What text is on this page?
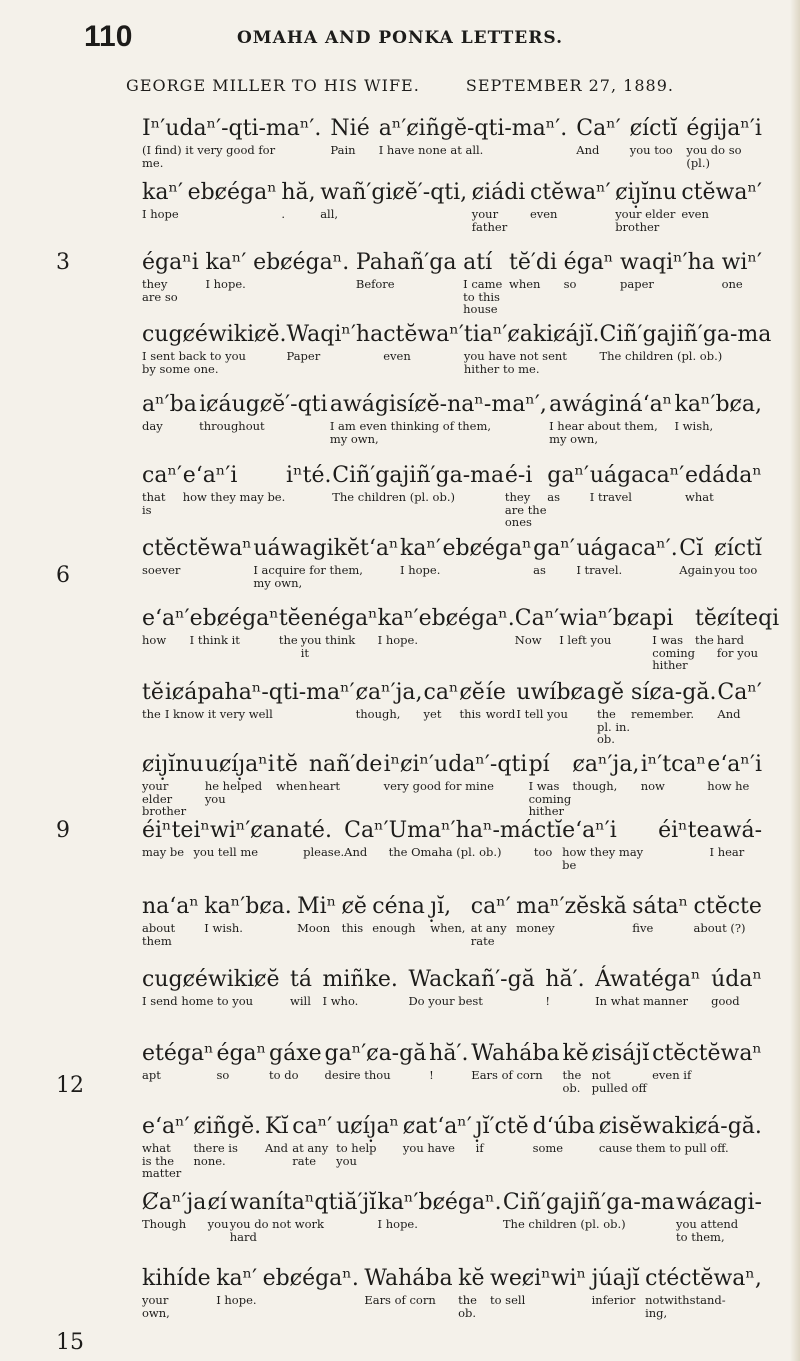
110	OMAHA AND PONKA LETTERS.
GEORGE MILLER TO HIS WIFE.	SEPTEMBER 27, 1889.
3
6
9
12
15
Iⁿ′udaⁿ′-qti-maⁿ′.
(I find) it very good for
me.
Nié
Pain
aⁿ′ȼiñgĕ-qti-maⁿ′.
I have none at all.
Caⁿ′
And
ȼíctĭ
you too
égijaⁿ′i
you do so
(pl.)
kaⁿ′
I hope
ebȼégaⁿ hă,
.
wañ′giȼĕ′-qti,
all,
ȼiádi
your
father
ctĕwaⁿ′
even
ȼiȷ̣ĭnu
your elder
brother
ctĕwaⁿ′
even
égaⁿi
they
are so
kaⁿ′
I hope.
ebȼégaⁿ. Pahañ′ga
Before
atí
I came
to this
house
tĕ′di
when
égaⁿ
so
waqiⁿ′ha
paper
wiⁿ′
one
cugȼéwikiȼĕ.
I sent back to you
by some one.
Waqiⁿ′ha
Paper
ctĕwaⁿ′
even
tiaⁿ′ȼakiȼájĭ.
you have not sent
hither to me.
Ciñ′gajiñ′ga-ma
The children (pl. ob.)
aⁿ′ba
day
iȼáugȼĕ′-qti
throughout
awágisíȼĕ-naⁿ-maⁿ′,
I am even thinking of them,
my own,
awáginá‘aⁿ
I hear about them,
my own,
kaⁿ′bȼa,
I wish,
caⁿ′
that
is
e‘aⁿ′i
how they may be.
iⁿté. Ciñ′gajiñ′ga-ma
The children (pl. ob.)
é-i
they
are the
ones
gaⁿ′
as
uágacaⁿ′
I travel
edádaⁿ
what
ctĕctĕwaⁿ
soever
uáwagikĕt‘aⁿ
I acquire for them,
my own,
kaⁿ′
I hope.
ebȼégaⁿ gaⁿ′
as
uágacaⁿ′.
I travel.
Cĭ
Again
ȼíctĭ
you too
e‘aⁿ′
how
ebȼégaⁿ
I think it
tĕ
the
enégaⁿ
you think
it
kaⁿ′
I hope.
ebȼégaⁿ. Caⁿ′
Now
wiaⁿ′bȼa
I left you
pi
I was
coming
hither
tĕ
the
ȼíteqi
hard
for you
tĕ
the
iȼápahaⁿ-qti-maⁿ′
I know it very well
ȼaⁿ′ja,
though,
caⁿ
yet
ȼĕ
this
íe
word
uwíbȼa
I tell you
gĕ
the
pl. in.
ob.
síȼa-gă.
remember.
Caⁿ′
And
ȼiȷ̣ĭnu
your
elder
brother
uȼíȷ̣aⁿi
he helped
you
tĕ
when
nañ′de
heart
iⁿȼiⁿ′udaⁿ′-qti
very good for mine
pí
I was
coming
hither
ȼaⁿ′ja,
though,
iⁿ′tcaⁿ
now
e‘aⁿ′i
how he
éiⁿte
may be
iⁿwiⁿ′ȼana
you tell me
té.
please.
Caⁿ′
And
Umaⁿ′haⁿ-má
the Omaha (pl. ob.)
ctĭ
too
e‘aⁿ′i
how they may be
éiⁿte awá-
I hear
na‘aⁿ
about
them
kaⁿ′bȼa.
I wish.
Miⁿ
Moon
ȼĕ
this
céna
enough
ȷ̣ĭ,
when,
caⁿ′
at any
rate
maⁿ′zĕskă
money
sátaⁿ
five
ctĕcte
about (?)
cugȼéwikiȼĕ
I send home to you
tá
will
miñke.
I who.
Wackañ′-gă
Do your best
hă′.
!
Áwatégaⁿ
In what manner
údaⁿ
good
etégaⁿ
apt
égaⁿ
so
gáxe
to do
gaⁿ′ȼa-gă
desire thou
hă′.
!
Wahába
Ears of corn
kĕ
the
ob.
ȼisájĭ
not
pulled off
ctĕctĕwaⁿ
even if
e‘aⁿ′
what
is the
matter
ȼiñgĕ.
there is
none.
Kĭ
And
caⁿ′
at any
rate
uȼíȷ̣aⁿ
to help
you
ȼat‘aⁿ′
you have
ȷ̣ĭ′ctĕ
if
d‘úba
some
ȼisĕwakiȼá-gă.
cause them to pull off.
Ȼaⁿ′ja
Though
ȼí
you
wanítaⁿqtiă′jĭ
you do not work
hard
kaⁿ′bȼégaⁿ.
I hope.
Ciñ′gajiñ′ga-ma
The children (pl. ob.)
wáȼagi-
you attend
to them,
kihíde
your
own,
kaⁿ′
I hope.
ebȼégaⁿ. Wahába
Ears of corn
kĕ
the
ob.
weȼiⁿwiⁿ
to sell
júajĭ
inferior
ctéctĕwaⁿ,
notwithstand-
ing,
